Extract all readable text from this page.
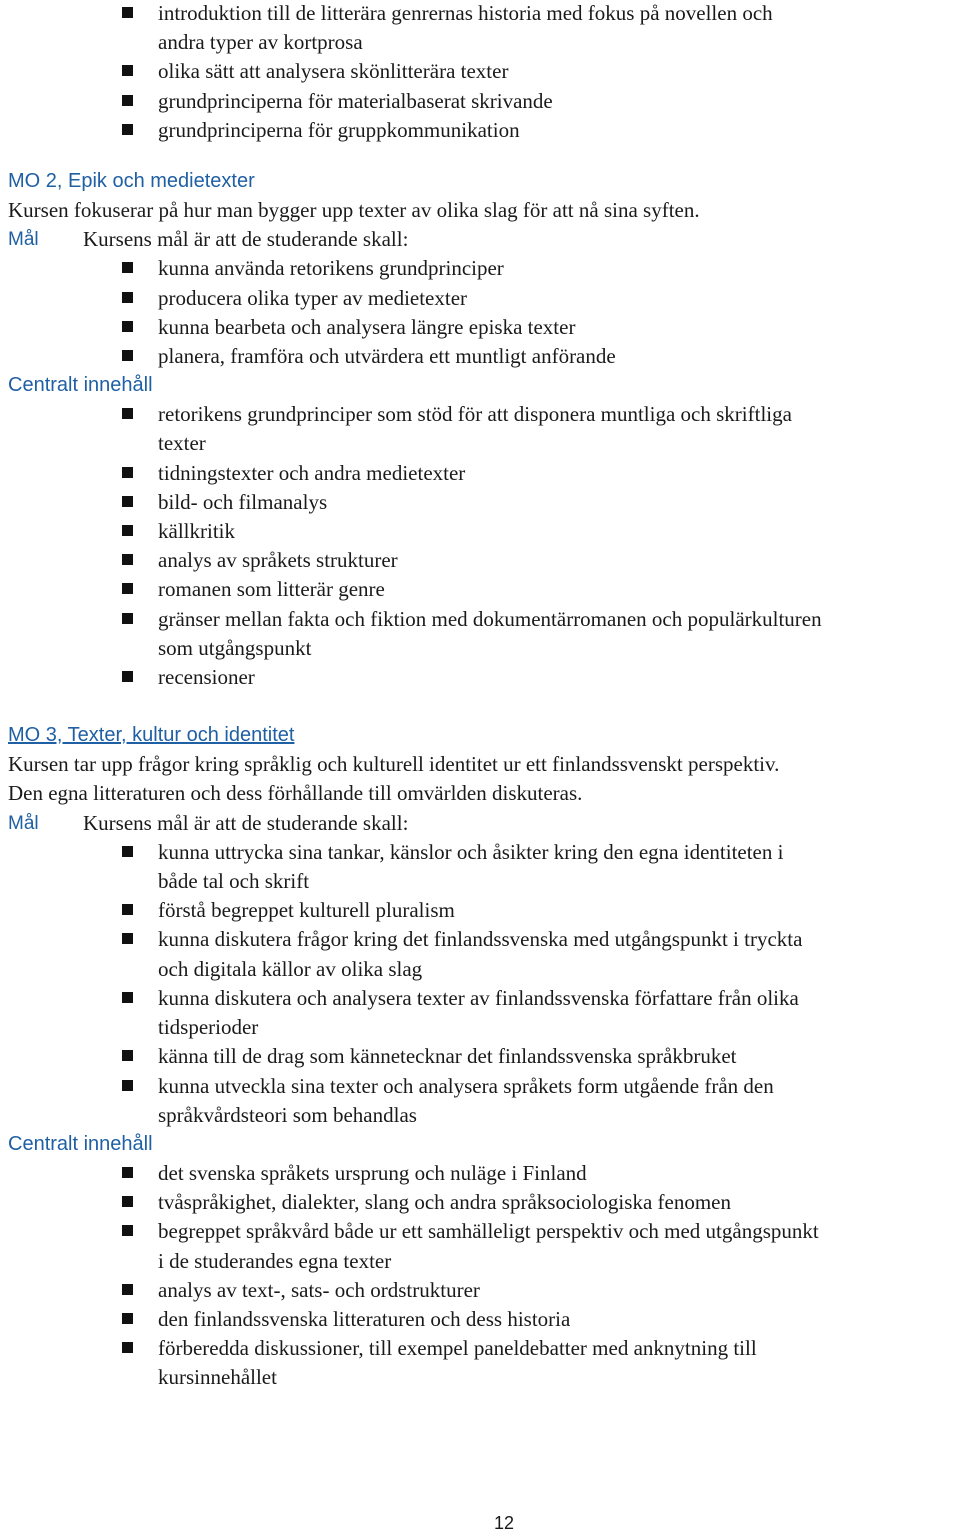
introduktion till de litterära genrernas historia med fokus på novellen och
andra typer av kortprosa
olika sätt att analysera skönlitterära texter
grundprinciperna för materialbaserat skrivande
grundprinciperna för gruppkommunikation
MO 2, Epik och medietexter
Kursen fokuserar på hur man bygger upp texter av olika slag för att nå sina syften.
Mål Kursens mål är att de studerande skall:
kunna använda retorikens grundprinciper
producera olika typer av medietexter
kunna bearbeta och analysera längre episka texter
planera, framföra och utvärdera ett muntligt anförande
Centralt innehåll
retorikens grundprinciper som stöd för att disponera muntliga och skriftliga
texter
tidningstexter och andra medietexter
bild- och filmanalys
källkritik
analys av språkets strukturer
romanen som litterär genre
gränser mellan fakta och fiktion med dokumentärromanen och populärkulturen
som utgångspunkt
recensioner
MO 3, Texter, kultur och identitet
Kursen tar upp frågor kring språklig och kulturell identitet ur ett finlandssvenskt perspektiv.
Den egna litteraturen och dess förhållande till omvärlden diskuteras.
Mål Kursens mål är att de studerande skall:
kunna uttrycka sina tankar, känslor och åsikter kring den egna identiteten i
både tal och skrift
förstå begreppet kulturell pluralism
kunna diskutera frågor kring det finlandssvenska med utgångspunkt i tryckta
och digitala källor av olika slag
kunna diskutera och analysera texter av finlandssvenska författare från olika
tidsperioder
känna till de drag som kännetecknar det finlandssvenska språkbruket
kunna utveckla sina texter och analysera språkets form utgående från den
språkvårdsteori som behandlas
Centralt innehåll
det svenska språkets ursprung och nuläge i Finland
tvåspråkighet, dialekter, slang och andra språksociologiska fenomen
begreppet språkvård både ur ett samhälleligt perspektiv och med utgångspunkt
i de studerandes egna texter
analys av text-, sats- och ordstrukturer
den finlandssvenska litteraturen och dess historia
förberedda diskussioner, till exempel paneldebatter med anknytning till
kursinnehållet
12
